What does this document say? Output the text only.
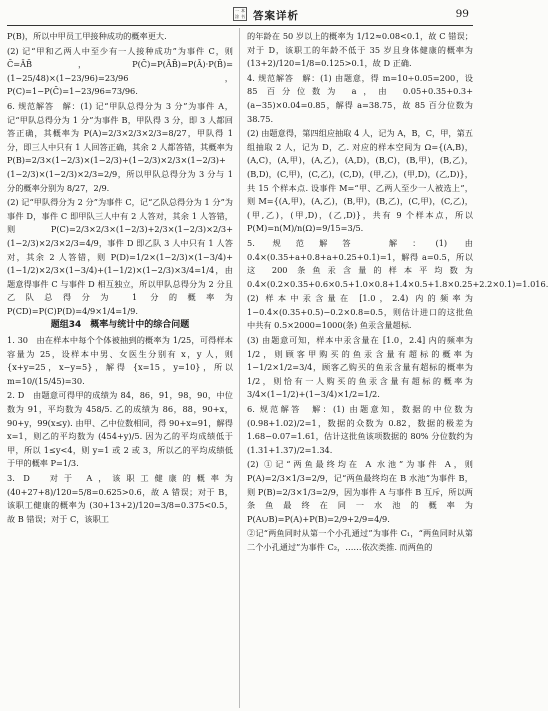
一 本
涂 书 答案详析	99

P(B)，所以中甲员工甲接种成功的概率更大.

(2) 记“甲和乙两人中至少有一人接种成功”为事件 C，则 C̄=ĀB̄，P(C̄)=P(ĀB̄)=P(Ā)·P(B̄)=(1−25/48)×(1−23/96)=23/96，P(C)=1−P(C̄)=1−23/96=73/96.

6. 规范解答　解：(1) 记“甲队总得分为 3 分”为事件 A，记“甲队总得分为 1 分”为事件 B，甲队得 3 分，即 3 人都回答正确，其概率为 P(A)=2/3×2/3×2/3=8/27，甲队得 1 分，即三人中只有 1 人回答正确，其余 2 人都答错，其概率为 P(B)=2/3×(1−2/3)×(1−2/3)+(1−2/3)×2/3×(1−2/3)+(1−2/3)×(1−2/3)×2/3=2/9，所以甲队总得分为 3 分与 1 分的概率分别为 8/27，2/9.

(2) 记“甲队得分为 2 分”为事件 C，记“乙队总得分为 1 分”为事件 D，事件 C 即甲队三人中有 2 人答对，其余 1 人答错，则 P(C)=2/3×2/3×(1−2/3)+2/3×(1−2/3)×2/3+(1−2/3)×2/3×2/3=4/9，事件 D 即乙队 3 人中只有 1 人答对，其余 2 人答错，则 P(D)=1/2×(1−2/3)×(1−3/4)+(1−1/2)×2/3×(1−3/4)+(1−1/2)×(1−2/3)×3/4=1/4，由题意得事件 C 与事件 D 相互独立，所以甲队总得分为 2 分且乙队总得分为 1 分的概率为 P(CD)=P(C)P(D)=4/9×1/4=1/9.

题组34　概率与统计中的综合问题

1. 30　由在样本中每个个体被抽到的概率为 1/25，可得样本容量为 25，设样本中男、女医生分别有 x，y 人，则 {x+y=25，x−y=5}，解得 {x=15，y=10}，所以 m=10/(15/45)=30.

2. D　由题意可得甲的成绩为 84，86，91，98，90，中位数为 91，平均数为 458/5. 乙的成绩为 86，88，90+x，90+y，99(x≤y). 由甲、乙中位数相同，得 90+x=91，解得 x=1，则乙的平均数为 (454+y)/5. 因为乙的平均成绩低于甲，所以 1≤y<4，则 y=1 或 2 或 3，所以乙的平均成绩低于甲的概率 P=1/3.

3. D　对于 A，该职工健康的概率为 (40+27+8)/120=5/8=0.625>0.6，故 A 错误；对于 B，该职工健康的概率为 (30+13+2)/120=3/8=0.375<0.5，故 B 错误；对于 C，该职工

的年龄在 50 岁以上的概率为 1/12≈0.08<0.1，故 C 错误；对于 D，该职工的年龄不低于 35 岁且身体健康的概率为 (13+2)/120=1/8=0.125>0.1，故 D 正确.

4. 规范解答　解：(1) 由题意，得 m=10÷0.05=200，设 85 百分位数为 a，由 0.05+0.35+0.3+(a−35)×0.04=0.85，解得 a=38.75，故 85 百分位数为 38.75.

(2) 由题意得，第四组应抽取 4 人，记为 A，B，C，甲，第五组抽取 2 人，记为 D，乙. 对应的样本空间为 Ω={(A,B)，(A,C)，(A,甲)，(A,乙)，(A,D)，(B,C)，(B,甲)，(B,乙)，(B,D)，(C,甲)，(C,乙)，(C,D)，(甲,乙)，(甲,D)，(乙,D)}，共 15 个样本点. 设事件 M=“甲、乙两人至少一人被选上”，则 M={(A,甲)，(A,乙)，(B,甲)，(B,乙)，(C,甲)，(C,乙)，(甲,乙)，(甲,D)，(乙,D)}，共有 9 个样本点，所以 P(M)=n(M)/n(Ω)=9/15=3/5.

5. 规范解答　解：(1) 由 0.4×(0.35+a+0.8+a+0.25+0.1)=1，解得 a=0.5，所以这 200 条鱼汞含量的样本平均数为 0.4×(0.2×0.35+0.6×0.5+1.0×0.8+1.4×0.5+1.8×0.25+2.2×0.1)=1.016.

(2) 样本中汞含量在 [1.0，2.4) 内的频率为 1−0.4×(0.35+0.5)−0.2×0.8=0.5，则估计进口的这批鱼中共有 0.5×2000=1000(条) 鱼汞含量超标.

(3) 由题意可知，样本中汞含量在 [1.0，2.4] 内的频率为 1/2，则顾客甲购买的鱼汞含量有超标的概率为 1−1/2×1/2=3/4，顾客乙购买的鱼汞含量有超标的概率为 1/2，则恰有一人购买的鱼汞含量有超标的概率为 3/4×(1−1/2)+(1−3/4)×1/2=1/2.

6. 规范解答　解：(1) 由题意知，数据的中位数为 (0.98+1.02)/2=1，数据的众数为 0.82，数据的极差为 1.68−0.07=1.61，估计这批鱼该项数据的 80% 分位数约为 (1.31+1.37)/2=1.34.

(2) ①记“两鱼最终均在 A 水池”为事件 A，则 P(A)=2/3×1/3=2/9，记“两鱼最终均在 B 水池”为事件 B，则 P(B)=2/3×1/3=2/9，因为事件 A 与事件 B 互斥，所以两条鱼最终在同一水池的概率为 P(A∪B)=P(A)+P(B)=2/9+2/9=4/9.

②记“两鱼同时从第一个小孔通过”为事件 C₁，“两鱼同时从第二个小孔通过”为事件 C₂，……依次类推. 而两鱼的
